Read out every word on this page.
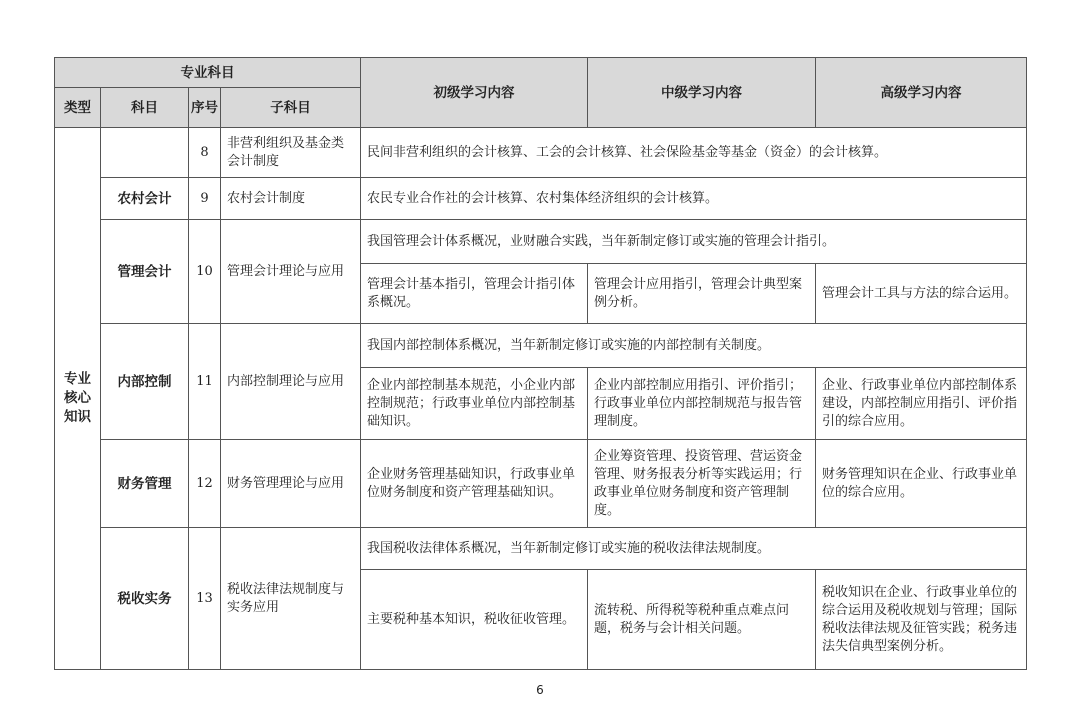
专业科目				初级学习内容	中级学习内容	高级学习内容
类型	科目	序号	子科目			
专业核心知识		8	非营利组织及基金类会计制度	民间非营利组织的会计核算、工会的会计核算、社会保险基金等基金（资金）的会计核算。		
	农村会计	9	农村会计制度	农民专业合作社的会计核算、农村集体经济组织的会计核算。		
	管理会计	10	管理会计理论与应用	我国管理会计体系概况，业财融合实践，当年新制定修订或实施的管理会计指引。		
				管理会计基本指引，管理会计指引体系概况。	管理会计应用指引，管理会计典型案例分析。	管理会计工具与方法的综合运用。
	内部控制	11	内部控制理论与应用	我国内部控制体系概况，当年新制定修订或实施的内部控制有关制度。		
				企业内部控制基本规范，小企业内部控制规范；行政事业单位内部控制基础知识。	企业内部控制应用指引、评价指引；行政事业单位内部控制规范与报告管理制度。	企业、行政事业单位内部控制体系建设，内部控制应用指引、评价指引的综合应用。
	财务管理	12	财务管理理论与应用	企业财务管理基础知识，行政事业单位财务制度和资产管理基础知识。	企业筹资管理、投资管理、营运资金管理、财务报表分析等实践运用；行政事业单位财务制度和资产管理制度。	财务管理知识在企业、行政事业单位的综合应用。
	税收实务	13	税收法律法规制度与实务应用	我国税收法律体系概况，当年新制定修订或实施的税收法律法规制度。		
				主要税种基本知识，税收征收管理。	流转税、所得税等税种重点难点问题，税务与会计相关问题。	税收知识在企业、行政事业单位的综合运用及税收规划与管理；国际税收法律法规及征管实践；税务违法失信典型案例分析。
6
